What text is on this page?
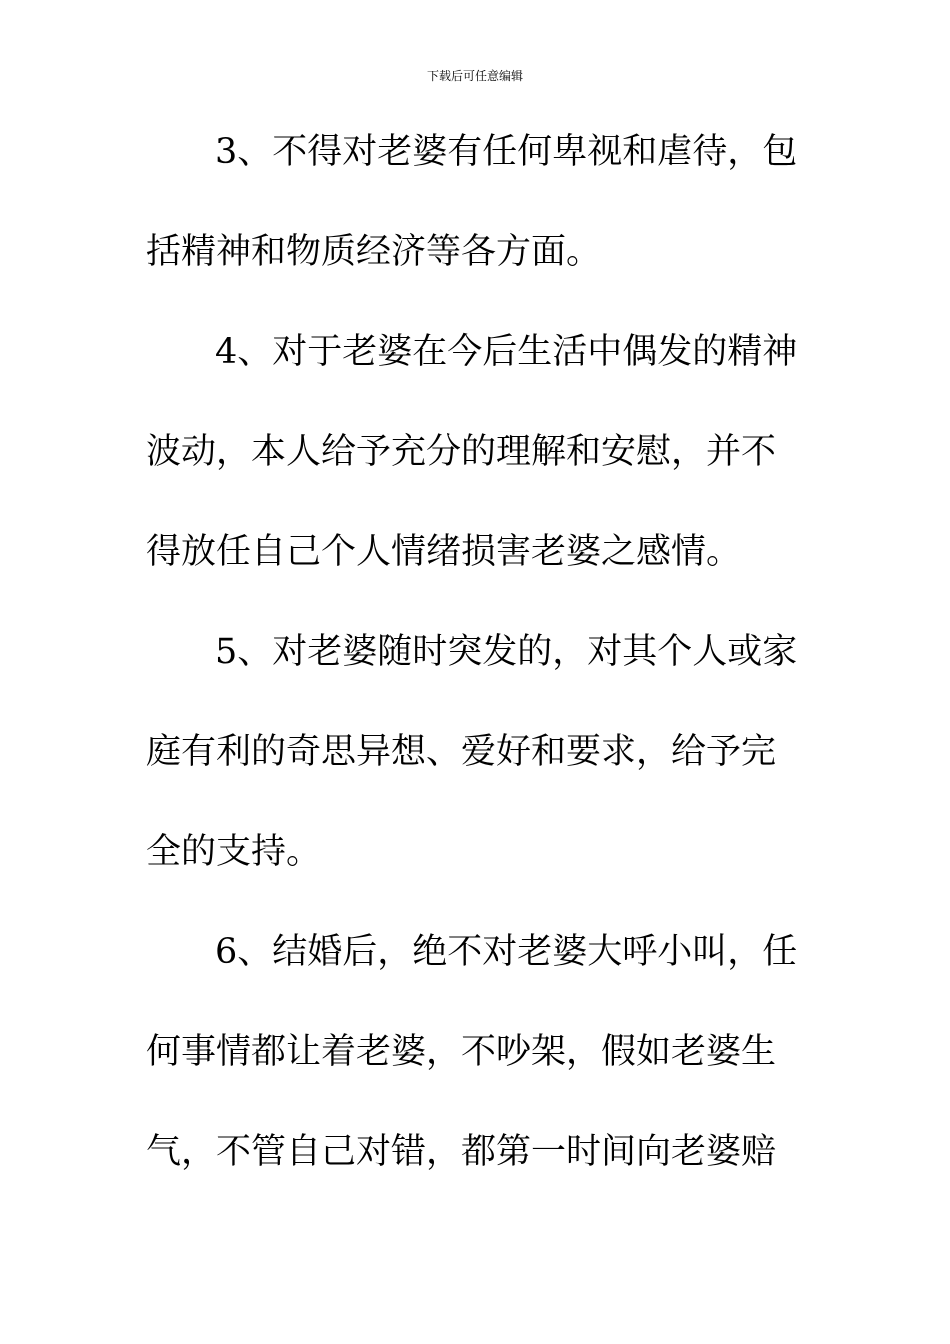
下载后可任意编辑
3、不得对老婆有任何卑视和虐待，包
括精神和物质经济等各方面。
4、对于老婆在今后生活中偶发的精神
波动，本人给予充分的理解和安慰，并不
得放任自己个人情绪损害老婆之感情。
5、对老婆随时突发的，对其个人或家
庭有利的奇思异想、爱好和要求，给予完
全的支持。
6、结婚后，绝不对老婆大呼小叫，任
何事情都让着老婆，不吵架，假如老婆生
气，不管自己对错，都第一时间向老婆赔
